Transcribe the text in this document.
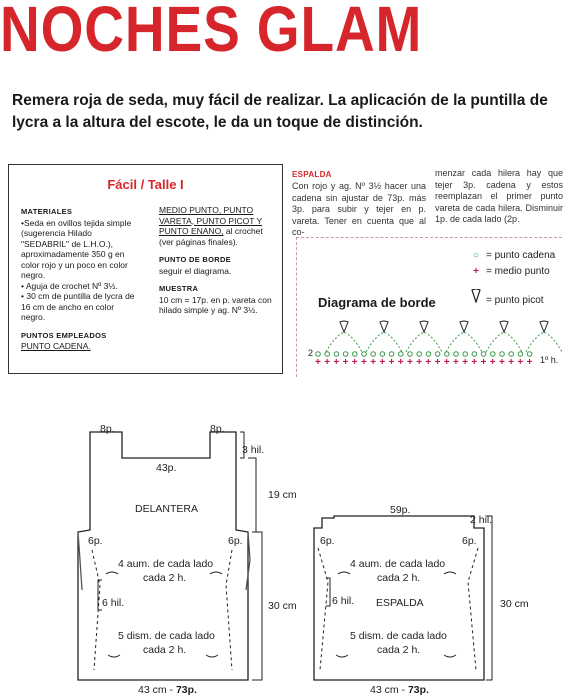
NOCHES GLAM
Remera roja de seda, muy fácil de realizar. La aplicación de la puntilla de lycra a la altura del escote, le da un toque de distinción.
Fácil / Talle I
MATERIALES
•Seda en ovillos tejida simple (sugerencia Hilado "SEDABRIL" de L.H.O.), aproximadamente 350 g en color rojo y un poco en color negro.
• Aguja de crochet Nº 3½.
• 30 cm de puntilla de lycra de 16 cm de ancho en color negro.
PUNTOS EMPLEADOS
PUNTO CADENA.
MEDIO PUNTO, PUNTO VARETA, PUNTO PICOT Y PUNTO ENANO, al crochet (ver páginas finales).
PUNTO DE BORDE
seguir el diagrama.
MUESTRA
10 cm = 17p. en p. vareta con hilado simple y ag. Nº 3½.
ESPALDA
Con rojo y ag. Nº 3½ hacer una cadena sin ajustar de 73p. más 3p. para subir y tejer en p. vareta. Tener en cuenta que al co-
menzar cada hilera hay que tejer 3p. cadena y estos reemplazan el primer punto vareta de cada hilera. Disminuir 1p. de cada lado (2p.
○ = punto cadena
+ = medio punto
= punto picot
Diagrama de borde
+ + + + + + + + + + + + + + + + + + + + + + + +
2
1º h.
8p.	8p.
43p.
3 hil.
19 cm
DELANTERA
6p.	6p.
4 aum. de cada lado
cada 2 h.
6 hil.	30 cm
5 dism. de cada lado
cada 2 h.
43 cm - 73p.
59p.
2 hil.
6p.	6p.
4 aum. de cada lado
cada 2 h.
6 hil. ESPALDA	30 cm
5 dism. de cada lado
cada 2 h.
43 cm - 73p.
